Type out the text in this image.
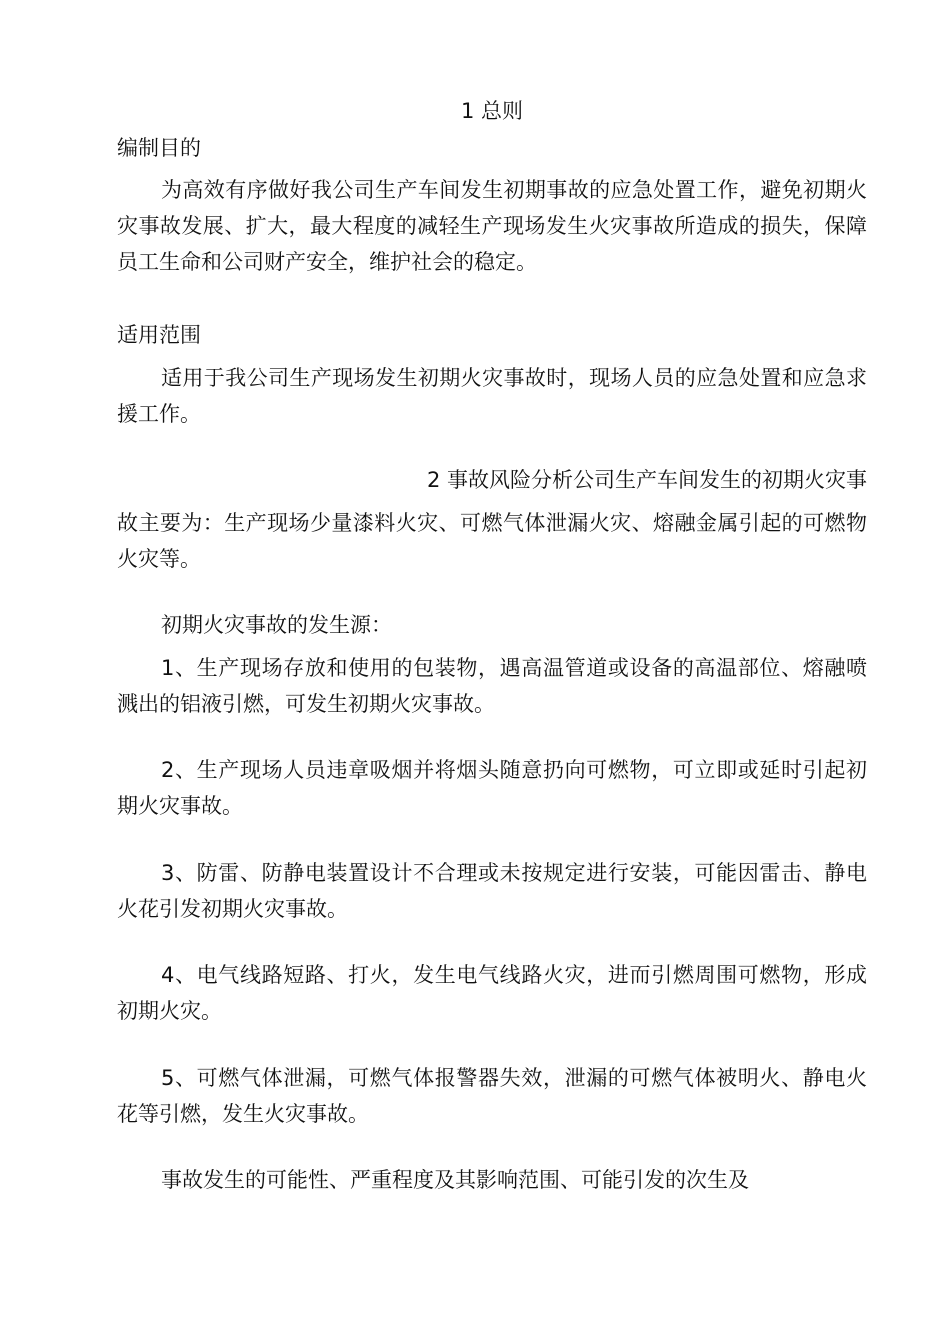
1 总则

编制目的

为高效有序做好我公司生产车间发生初期事故的应急处置工作，避免初期火灾事故发展、扩大，最大程度的减轻生产现场发生火灾事故所造成的损失，保障员工生命和公司财产安全，维护社会的稳定。

适用范围

适用于我公司生产现场发生初期火灾事故时，现场人员的应急处置和应急求援工作。

2 事故风险分析公司生产车间发生的初期火灾事

故主要为：生产现场少量漆料火灾、可燃气体泄漏火灾、熔融金属引起的可燃物火灾等。

初期火灾事故的发生源：

1、生产现场存放和使用的包装物，遇高温管道或设备的高温部位、熔融喷溅出的铝液引燃，可发生初期火灾事故。

2、生产现场人员违章吸烟并将烟头随意扔向可燃物，可立即或延时引起初期火灾事故。

3、防雷、防静电装置设计不合理或未按规定进行安装，可能因雷击、静电火花引发初期火灾事故。

4、电气线路短路、打火，发生电气线路火灾，进而引燃周围可燃物，形成初期火灾。

5、可燃气体泄漏，可燃气体报警器失效，泄漏的可燃气体被明火、静电火花等引燃，发生火灾事故。

事故发生的可能性、严重程度及其影响范围、可能引发的次生及
